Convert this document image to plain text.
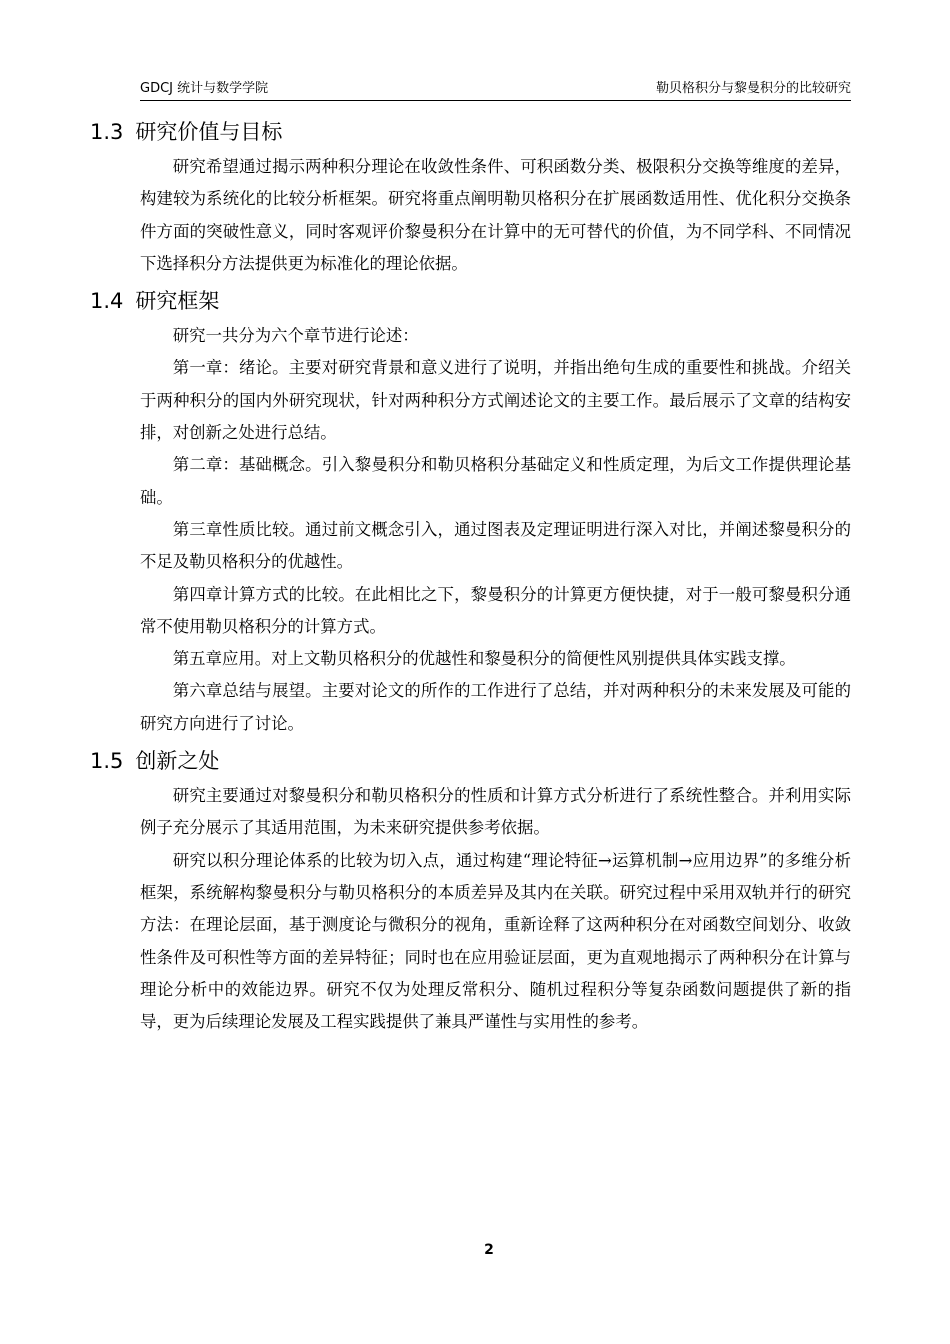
GDCJ 统计与数学学院	勒贝格积分与黎曼积分的比较研究
1.3 研究价值与目标

研究希望通过揭示两种积分理论在收敛性条件、可积函数分类、极限积分交换等维度的差异，构建较为系统化的比较分析框架。研究将重点阐明勒贝格积分在扩展函数适用性、优化积分交换条件方面的突破性意义，同时客观评价黎曼积分在计算中的无可替代的价值，为不同学科、不同情况下选择积分方法提供更为标准化的理论依据。

1.4 研究框架

研究一共分为六个章节进行论述：

第一章：绪论。主要对研究背景和意义进行了说明，并指出绝句生成的重要性和挑战。介绍关于两种积分的国内外研究现状，针对两种积分方式阐述论文的主要工作。最后展示了文章的结构安排，对创新之处进行总结。

第二章：基础概念。引入黎曼积分和勒贝格积分基础定义和性质定理，为后文工作提供理论基础。

第三章性质比较。通过前文概念引入，通过图表及定理证明进行深入对比，并阐述黎曼积分的不足及勒贝格积分的优越性。

第四章计算方式的比较。在此相比之下，黎曼积分的计算更方便快捷，对于一般可黎曼积分通常不使用勒贝格积分的计算方式。

第五章应用。对上文勒贝格积分的优越性和黎曼积分的简便性风别提供具体实践支撑。

第六章总结与展望。主要对论文的所作的工作进行了总结，并对两种积分的未来发展及可能的研究方向进行了讨论。

1.5 创新之处

研究主要通过对黎曼积分和勒贝格积分的性质和计算方式分析进行了系统性整合。并利用实际例子充分展示了其适用范围，为未来研究提供参考依据。

研究以积分理论体系的比较为切入点，通过构建“理论特征→运算机制→应用边界”的多维分析框架，系统解构黎曼积分与勒贝格积分的本质差异及其内在关联。研究过程中采用双轨并行的研究方法：在理论层面，基于测度论与微积分的视角，重新诠释了这两种积分在对函数空间划分、收敛性条件及可积性等方面的差异特征；同时也在应用验证层面，更为直观地揭示了两种积分在计算与理论分析中的效能边界。研究不仅为处理反常积分、随机过程积分等复杂函数问题提供了新的指导，更为后续理论发展及工程实践提供了兼具严谨性与实用性的参考。

2
